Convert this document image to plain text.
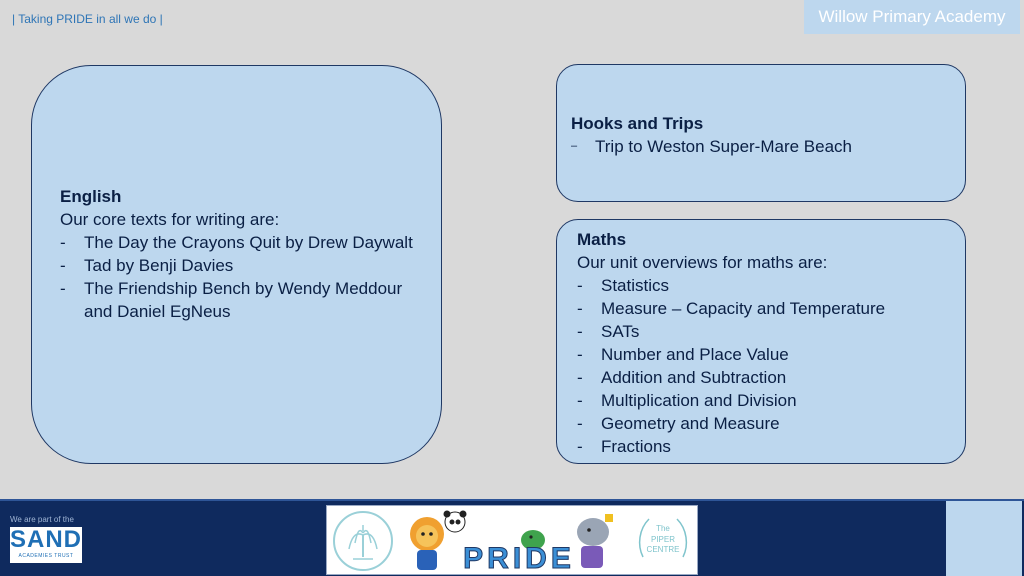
| Taking PRIDE in all we do |	Willow Primary Academy
English
Our core texts for writing are:
- The Day the Crayons Quit by Drew Daywalt
- Tad by Benji Davies
- The Friendship Bench by Wendy Meddour and Daniel EgNeus
Hooks and Trips
– Trip to Weston Super-Mare Beach
Maths
Our unit overviews for maths are:
- Statistics
- Measure – Capacity and Temperature
- SATs
- Number and Place Value
- Addition and Subtraction
- Multiplication and Division
- Geometry and Measure
- Fractions
We are part of the
SAND
ACADEMIES TRUST	PRIDE
The
PIPER
CENTRE
